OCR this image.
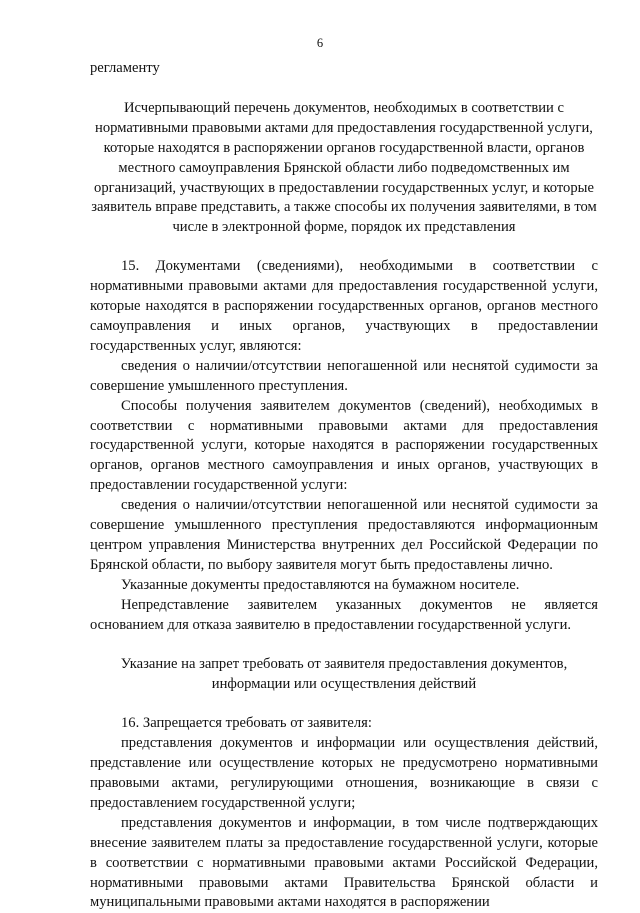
6

регламенту

Исчерпывающий перечень документов, необходимых в соответствии с нормативными правовыми актами для предоставления государственной услуги, которые находятся в распоряжении органов государственной власти, органов местного самоуправления Брянской области либо подведомственных им организаций, участвующих в предоставлении государственных услуг, и которые заявитель вправе представить, а также способы их получения заявителями, в том числе в электронной форме, порядок их представления

15. Документами (сведениями), необходимыми в соответствии с нормативными правовыми актами для предоставления государственной услуги, которые находятся в распоряжении государственных органов, органов местного самоуправления и иных органов, участвующих в предоставлении государственных услуг, являются:

сведения о наличии/отсутствии непогашенной или неснятой судимости за совершение умышленного преступления.

Способы получения заявителем документов (сведений), необходимых в соответствии с нормативными правовыми актами для предоставления государственной услуги, которые находятся в распоряжении государственных органов, органов местного самоуправления и иных органов, участвующих в предоставлении государственной услуги:

сведения о наличии/отсутствии непогашенной или неснятой судимости за совершение умышленного преступления предоставляются информационным центром управления Министерства внутренних дел Российской Федерации по Брянской области, по выбору заявителя могут быть предоставлены лично.

Указанные документы предоставляются на бумажном носителе.

Непредставление заявителем указанных документов не является основанием для отказа заявителю в предоставлении государственной услуги.

Указание на запрет требовать от заявителя предоставления документов, информации или осуществления действий

16. Запрещается требовать от заявителя:

представления документов и информации или осуществления действий, представление или осуществление которых не предусмотрено нормативными правовыми актами, регулирующими отношения, возникающие в связи с предоставлением государственной услуги;

представления документов и информации, в том числе подтверждающих внесение заявителем платы за предоставление государственной услуги, которые в соответствии с нормативными правовыми актами Российской Федерации, нормативными правовыми актами Правительства Брянской области и муниципальными правовыми актами находятся в распоряжении
